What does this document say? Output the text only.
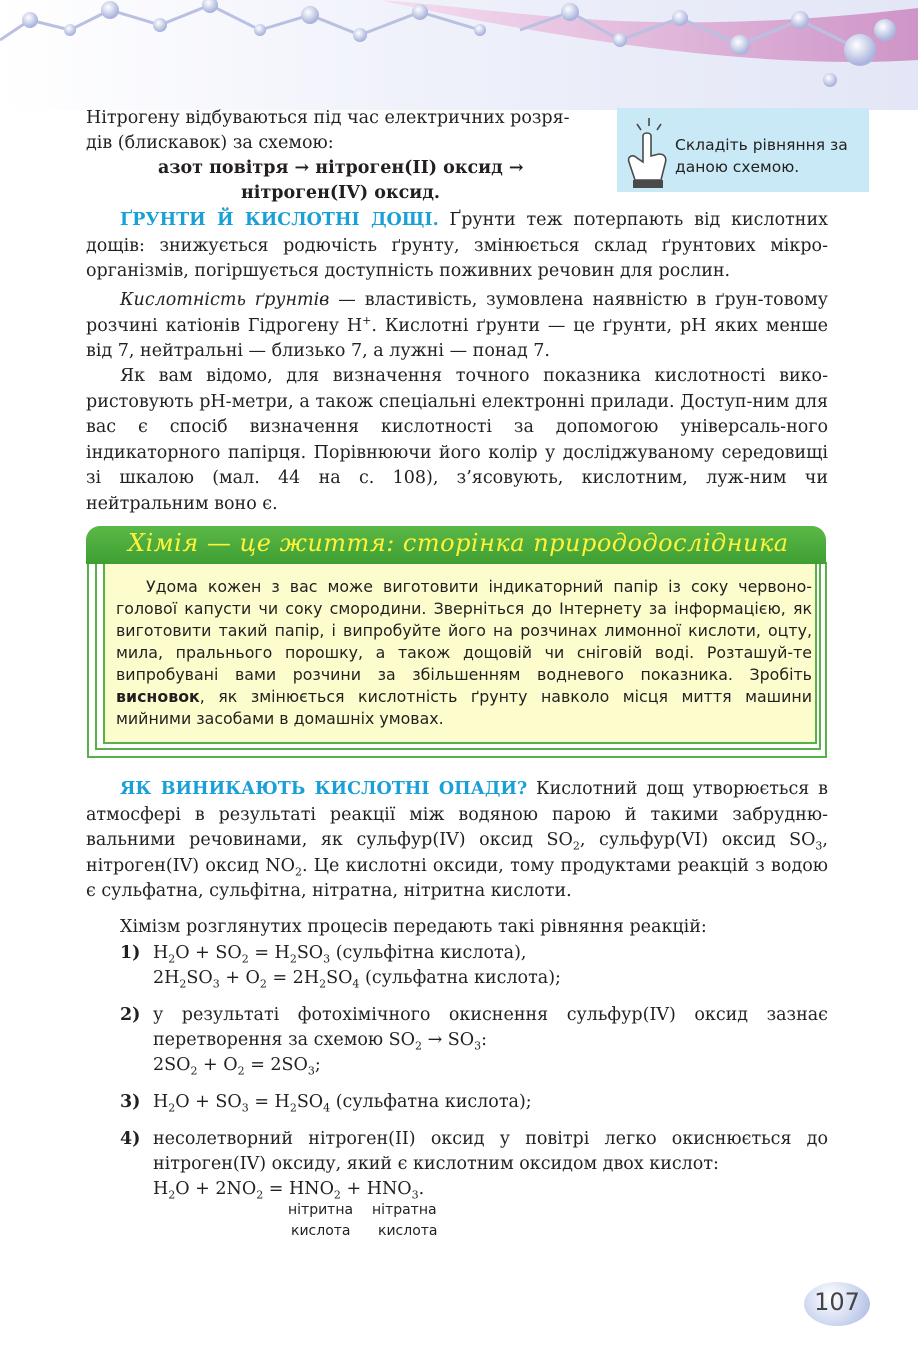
Нітрогену відбуваються під час електричних розря-
дів (блискавок) за схемою:
азот повітря → нітроген(II) оксид →
нітроген(IV) оксид.
Складіть рівняння за даною схемою.
ҐРУНТИ Й КИСЛОТНІ ДОЩІ. Ґрунти теж потерпають від кислотних дощів: знижується родючість ґрунту, змінюється склад ґрунтових мікро-організмів, погіршується доступність поживних речовин для рослин.
Кислотність ґрунтів — властивість, зумовлена наявністю в ґрун-товому розчині катіонів Гідрогену H+. Кислотні ґрунти — це ґрунти, pH яких менше від 7, нейтральні — близько 7, а лужні — понад 7.
Як вам відомо, для визначення точного показника кислотності вико-ристовують pH-метри, а також спеціальні електронні прилади. Доступ-ним для вас є спосіб визначення кислотності за допомогою універсаль-ного індикаторного папірця. Порівнюючи його колір у досліджуваному середовищі зі шкалою (мал. 44 на с. 108), з’ясовують, кислотним, луж-ним чи нейтральним воно є.
Хімія — це життя: сторінка природодослідника
Удома кожен з вас може виготовити індикаторний папір із соку червоно-голової капусти чи соку смородини. Зверніться до Інтернету за інформацією, як виготовити такий папір, і випробуйте його на розчинах лимонної кислоти, оцту, мила, пральнього порошку, а також дощовій чи сніговій воді. Розташуй-те випробувані вами розчини за збільшенням водневого показника. Зробіть висновок, як змінюється кислотність ґрунту навколо місця миття машини мийними засобами в домашніх умовах.
ЯК ВИНИКАЮТЬ КИСЛОТНІ ОПАДИ? Кислотний дощ утворюється в атмосфері в результаті реакції між водяною парою й такими забрудню-вальними речовинами, як сульфур(IV) оксид $SO_2$, сульфур(VI) оксид $SO_3$, нітроген(IV) оксид $NO_2$. Це кислотні оксиди, тому продуктами реакцій з водою є сульфатна, сульфітна, нітратна, нітритна кислоти.
Хімізм розглянутих процесів передають такі рівняння реакцій:
1) $H_2O + SO_2 = H_2SO_3$ (сульфітна кислота),
$2H_2SO_3 + O_2 = 2H_2SO_4$ (сульфатна кислота);
2) у результаті фотохімічного окиснення сульфур(IV) оксид зазнає
перетворення за схемою $SO_2 \to SO_3$:
$2SO_2 + O_2 = 2SO_3$;
3) $H_2O + SO_3 = H_2SO_4$ (сульфатна кислота);
4) несолетворний нітроген(II) оксид у повітрі легко окиснюється до
нітроген(IV) оксиду, який є кислотним оксидом двох кислот:
$H_2O + 2NO_2 = HNO_2 + HNO_3$.
нітритна
кислота
нітратна
кислота
107
